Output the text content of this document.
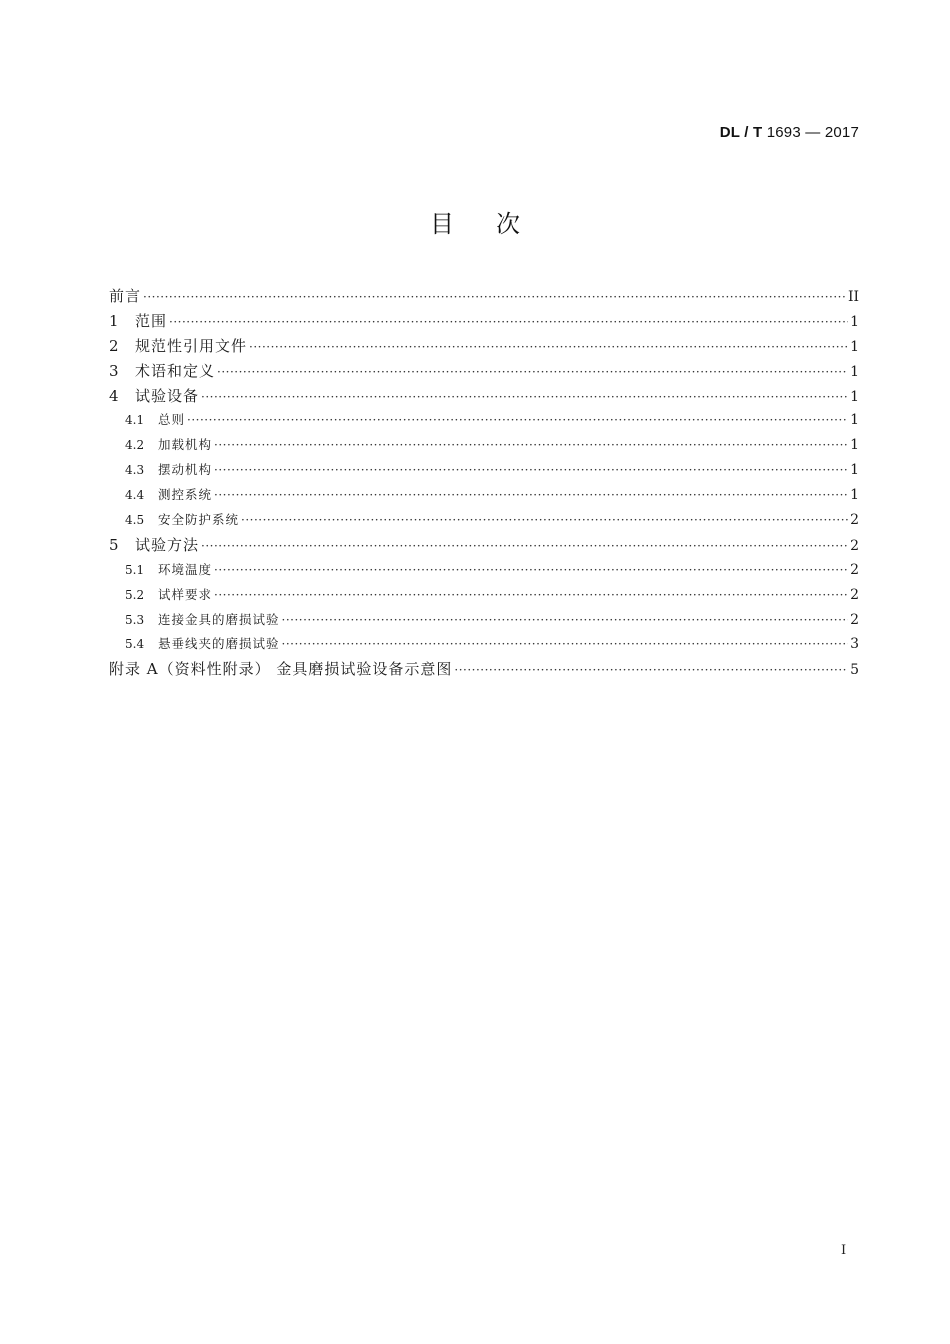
DL / T 1693 — 2017
目次
前言 ·····	II
1	范围 ·····	1
2	规范性引用文件 ·····	1
3	术语和定义 ·····	1
4	试验设备 ·····	1
4.1	总则 ·····	1
4.2	加载机构 ·····	1
4.3	摆动机构 ·····	1
4.4	测控系统 ·····	1
4.5	安全防护系统 ·····	2
5	试验方法 ·····	2
5.1	环境温度 ·····	2
5.2	试样要求 ·····	2
5.3	连接金具的磨损试验 ·····	2
5.4	悬垂线夹的磨损试验 ·····	3
附录 A（资料性附录） 金具磨损试验设备示意图 ·····	5
I
